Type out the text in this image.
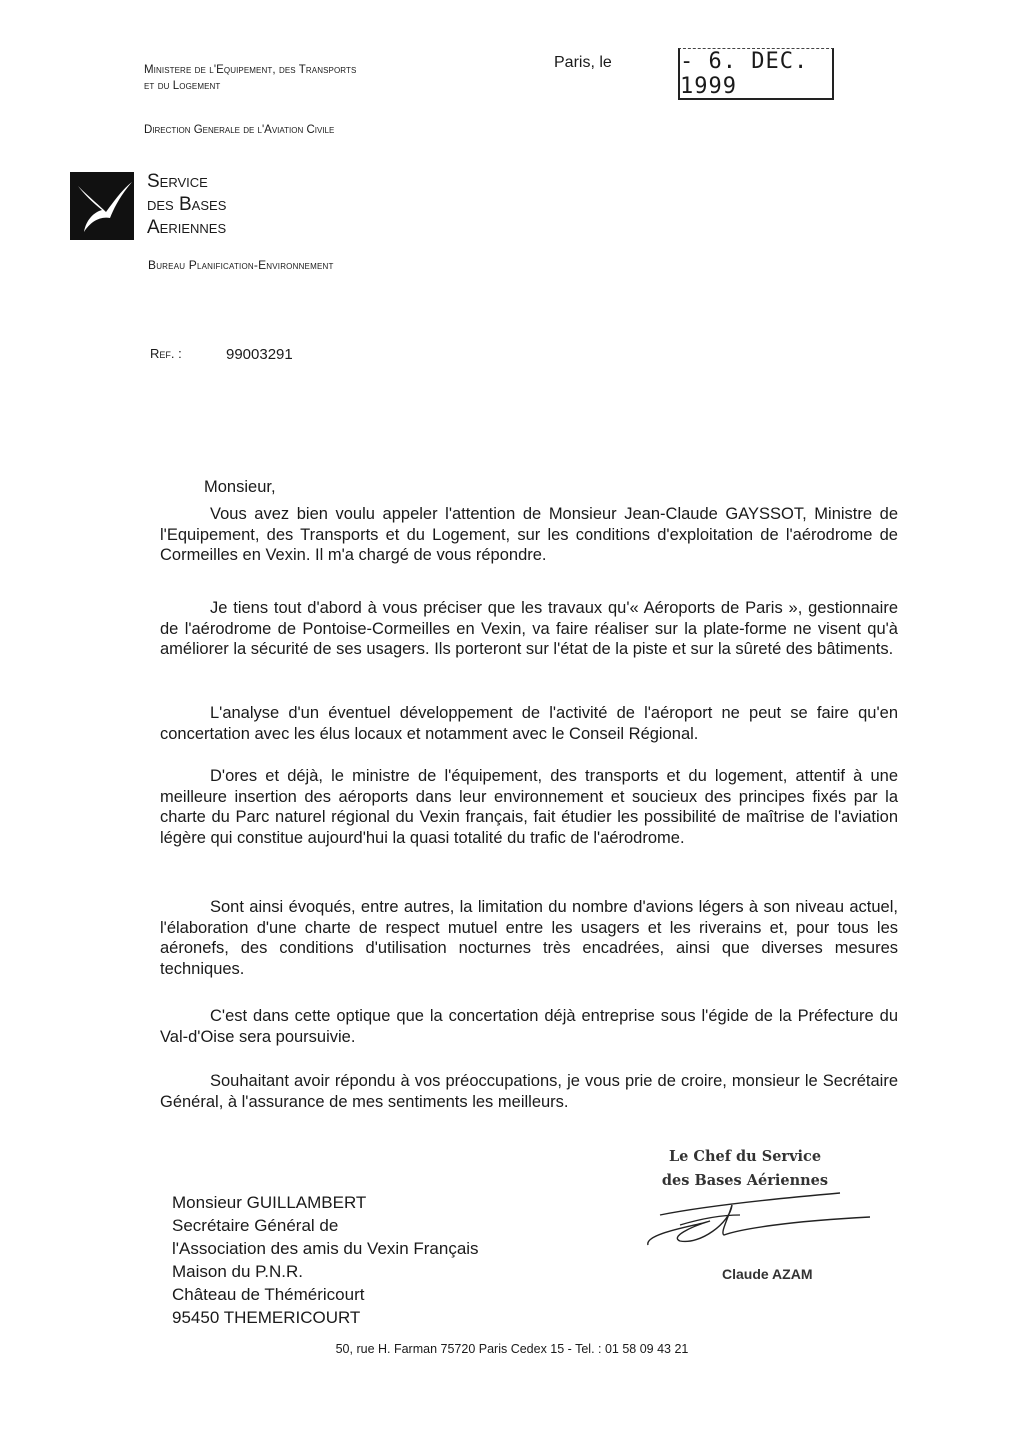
Ministere de l'Equipement, des Transports
et du Logement
Direction Generale de l'Aviation Civile
Paris, le	- 6. DEC. 1999
Service
des Bases
Aeriennes
Bureau Planification-Environnement
Ref. :	99003291
Monsieur,
Vous avez bien voulu appeler l'attention de Monsieur Jean-Claude GAYSSOT, Ministre de l'Equipement, des Transports et du Logement, sur les conditions d'exploitation de l'aérodrome de Cormeilles en Vexin. Il m'a chargé de vous répondre.
Je tiens tout d'abord à vous préciser que les travaux qu'« Aéroports de Paris », gestionnaire de l'aérodrome de Pontoise-Cormeilles en Vexin, va faire réaliser sur la plate-forme ne visent qu'à améliorer la sécurité de ses usagers. Ils porteront sur l'état de la piste et sur la sûreté des bâtiments.
L'analyse d'un éventuel développement de l'activité de l'aéroport ne peut se faire qu'en concertation avec les élus locaux et notamment avec le Conseil Régional.
D'ores et déjà, le ministre de l'équipement, des transports et du logement, attentif à une meilleure insertion des aéroports dans leur environnement et soucieux des principes fixés par la charte du Parc naturel régional du Vexin français, fait étudier les possibilité de maîtrise de l'aviation légère qui constitue aujourd'hui la quasi totalité du trafic de l'aérodrome.
Sont ainsi évoqués, entre autres, la limitation du nombre d'avions légers à son niveau actuel, l'élaboration d'une charte de respect mutuel entre les usagers et les riverains et, pour tous les aéronefs, des conditions d'utilisation nocturnes très encadrées, ainsi que diverses mesures techniques.
C'est dans cette optique que la concertation déjà entreprise sous l'égide de la Préfecture du Val-d'Oise sera poursuivie.
Souhaitant avoir répondu à vos préoccupations, je vous prie de croire, monsieur le Secrétaire Général, à l'assurance de mes sentiments les meilleurs.
Le Chef du Service
des Bases Aériennes
Claude AZAM
Monsieur GUILLAMBERT
Secrétaire Général de
l'Association des amis du Vexin Français
Maison du P.N.R.
Château de Théméricourt
95450 THEMERICOURT
50, rue H. Farman 75720 Paris Cedex 15 - Tel. : 01 58 09 43 21
